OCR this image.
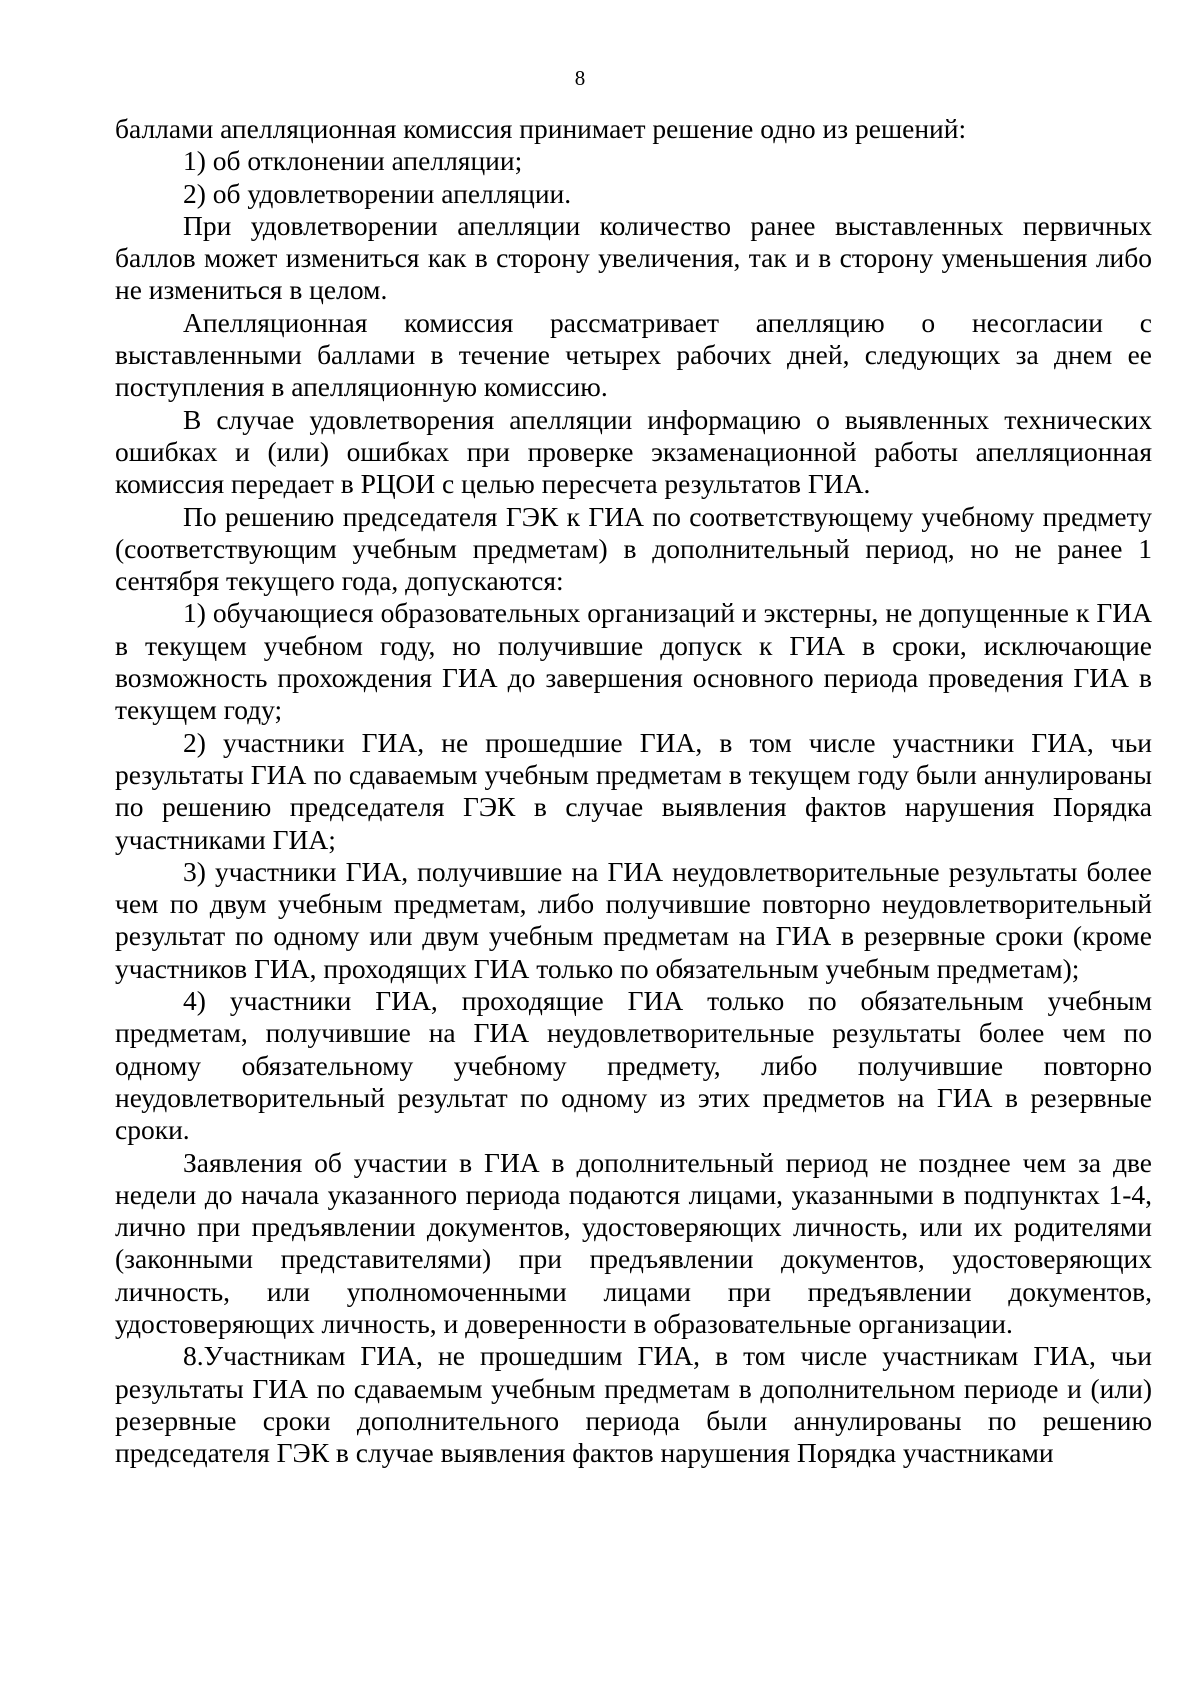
8

баллами апелляционная комиссия принимает решение одно из решений:

1) об отклонении апелляции;

2) об удовлетворении апелляции.

При удовлетворении апелляции количество ранее выставленных первичных баллов может измениться как в сторону увеличения, так и в сторону уменьшения либо не измениться в целом.

Апелляционная комиссия рассматривает апелляцию о несогласии с выставленными баллами в течение четырех рабочих дней, следующих за днем ее поступления в апелляционную комиссию.

В случае удовлетворения апелляции информацию о выявленных технических ошибках и (или) ошибках при проверке экзаменационной работы апелляционная комиссия передает в РЦОИ с целью пересчета результатов ГИА.

По решению председателя ГЭК к ГИА по соответствующему учебному предмету (соответствующим учебным предметам) в дополнительный период, но не ранее 1 сентября текущего года, допускаются:

1) обучающиеся образовательных организаций и экстерны, не допущенные к ГИА в текущем учебном году, но получившие допуск к ГИА в сроки, исключающие возможность прохождения ГИА до завершения основного периода проведения ГИА в текущем году;

2) участники ГИА, не прошедшие ГИА, в том числе участники ГИА, чьи результаты ГИА по сдаваемым учебным предметам в текущем году были аннулированы по решению председателя ГЭК в случае выявления фактов нарушения Порядка участниками ГИА;

3) участники ГИА, получившие на ГИА неудовлетворительные результаты более чем по двум учебным предметам, либо получившие повторно неудовлетворительный результат по одному или двум учебным предметам на ГИА в резервные сроки (кроме участников ГИА, проходящих ГИА только по обязательным учебным предметам);

4) участники ГИА, проходящие ГИА только по обязательным учебным предметам, получившие на ГИА неудовлетворительные результаты более чем по одному обязательному учебному предмету, либо получившие повторно неудовлетворительный результат по одному из этих предметов на ГИА в резервные сроки.

Заявления об участии в ГИА в дополнительный период не позднее чем за две недели до начала указанного периода подаются лицами, указанными в подпунктах 1-4, лично при предъявлении документов, удостоверяющих личность, или их родителями (законными представителями) при предъявлении документов, удостоверяющих личность, или уполномоченными лицами при предъявлении документов, удостоверяющих личность, и доверенности в образовательные организации.

8.Участникам ГИА, не прошедшим ГИА, в том числе участникам ГИА, чьи результаты ГИА по сдаваемым учебным предметам в дополнительном периоде и (или) резервные сроки дополнительного периода были аннулированы по решению председателя ГЭК в случае выявления фактов нарушения Порядка участниками
